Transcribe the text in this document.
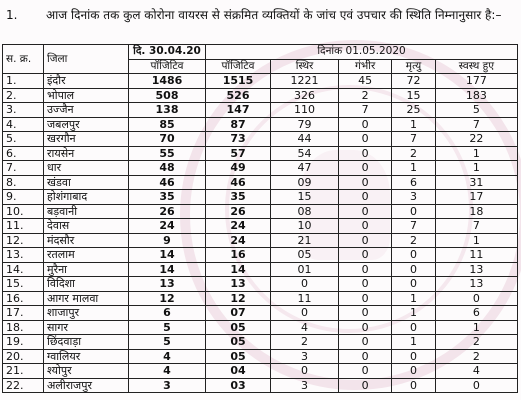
1. आज दिनांक तक कुल कोरोना वायरस से संक्रमित व्यक्तियों के जांच एवं उपचार की स्थिति निम्नानुसार है:–
स. क्र.	जिला	दि. 30.04.20	दिनांक 01.05.2020				
		पॉजिटिव	पॉजिटिव	स्थिर	गंभीर	मृत्यु	स्वस्थ हुए
1.	इंदौर	1486	1515	1221	45	72	177
2.	भोपाल	508	526	326	2	15	183
3.	उज्जैन	138	147	110	7	25	5
4.	जबलपुर	85	87	79	0	1	7
5.	खरगौन	70	73	44	0	7	22
6.	रायसेन	55	57	54	0	2	1
7.	धार	48	49	47	0	1	1
8.	खंडवा	46	46	09	0	6	31
9.	होशंगाबाद	35	35	15	0	3	17
10.	बड़वानी	26	26	08	0	0	18
11.	देवास	24	24	10	0	7	7
12.	मंदसौर	9	24	21	0	2	1
13.	रतलाम	14	16	05	0	0	11
14.	मुरैना	14	14	01	0	0	13
15.	विदिशा	13	13	0	0	0	13
16.	आगर मालवा	12	12	11	0	1	0
17.	शाजापुर	6	07	0	0	1	6
18.	सागर	5	05	4	0	0	1
19.	छिंदवाड़ा	5	05	2	0	1	2
20.	ग्वालियर	4	05	3	0	0	2
21.	श्योपुर	4	04	0	0	0	4
22.	अलीराजपुर	3	03	3	0	0	0
